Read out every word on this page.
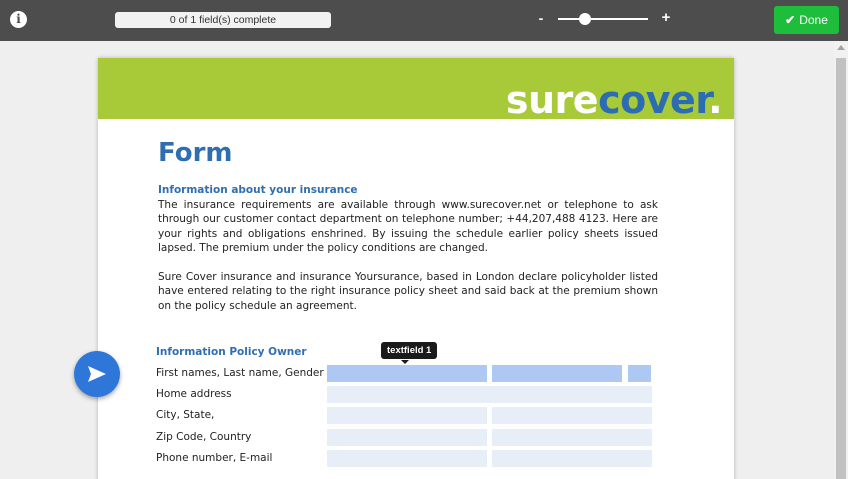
i	0 of 1 field(s) complete	-	+	✔ Done
surecover.
Form
Information about your insurance
The insurance requirements are available through www.surecover.net or telephone to ask through our customer contact department on telephone number; +44,207,488 4123. Here are your rights and obligations enshrined. By issuing the schedule earlier policy sheets issued lapsed. The premium under the policy conditions are changed.
Sure Cover insurance and insurance Yoursurance, based in London declare policyholder listed have entered relating to the right insurance policy sheet and said back at the premium shown on the policy schedule an agreement.
Information Policy Owner
First names, Last name, Gender
Home address
City, State,
Zip Code, Country
Phone number, E-mail
textfield 1
